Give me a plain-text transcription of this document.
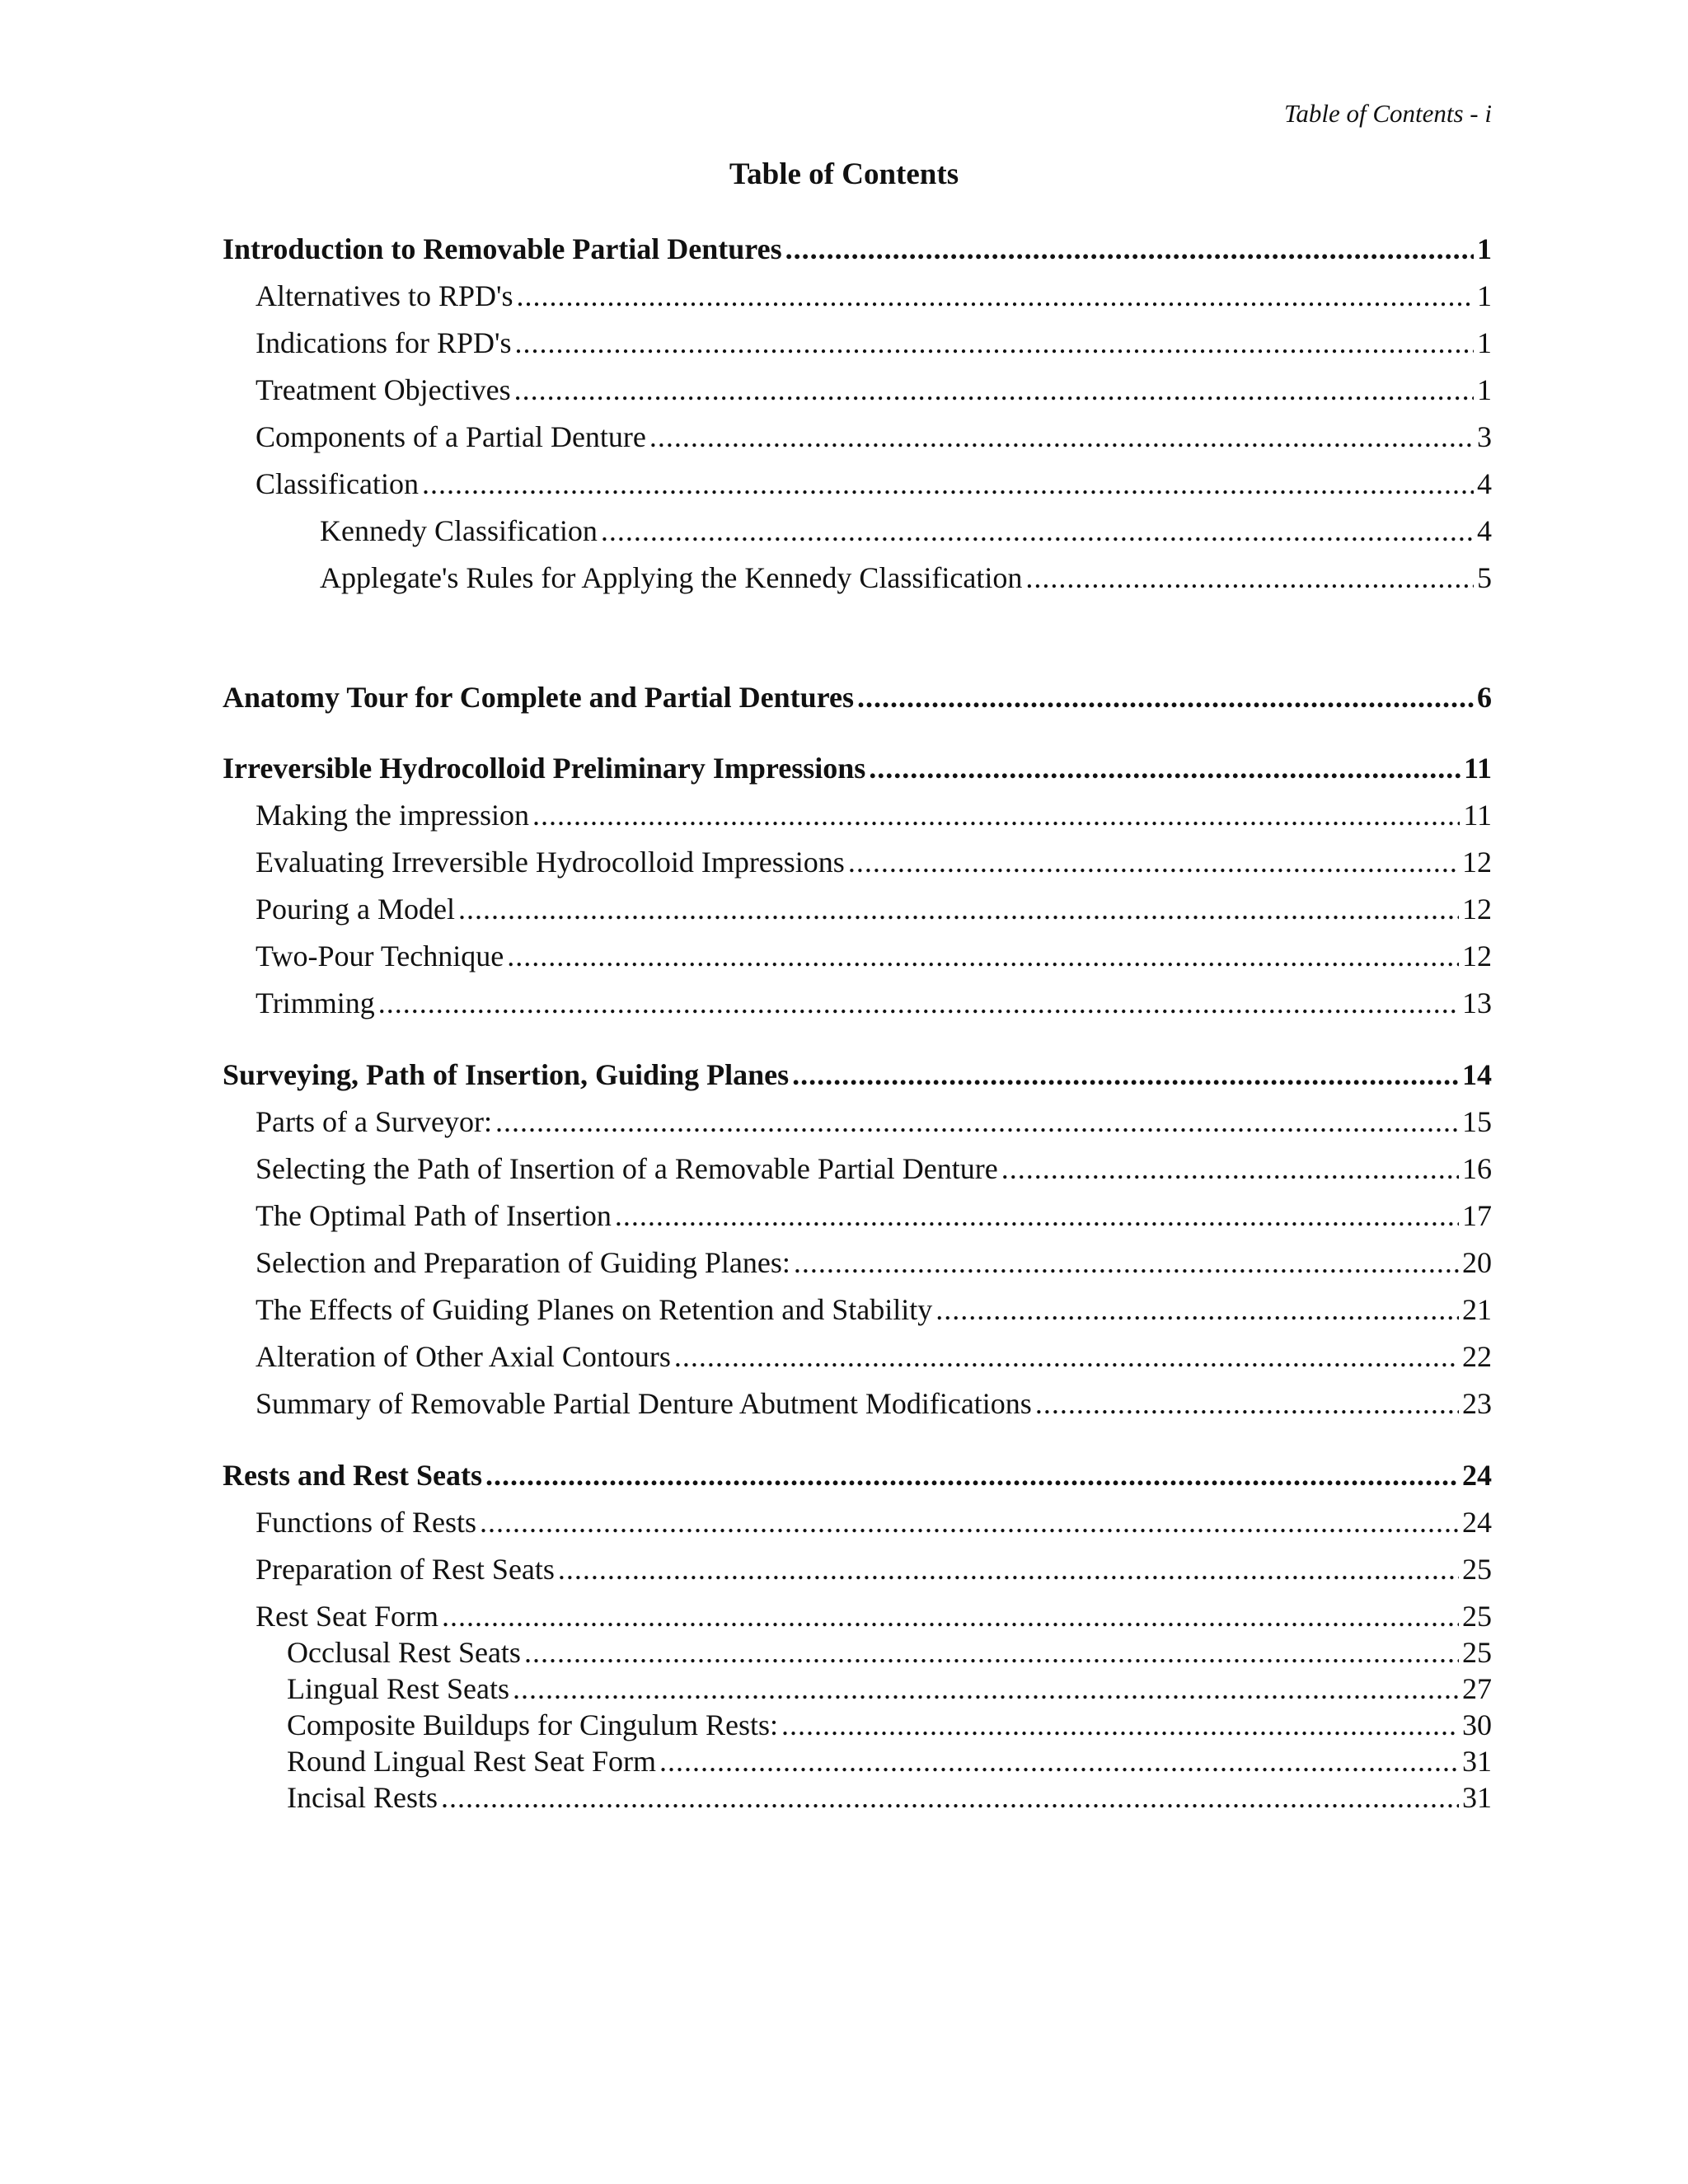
Table of Contents - i
Table of Contents
Introduction to Removable Partial Dentures .....	1
Alternatives to RPD's .....	1
Indications for RPD's .....	1
Treatment Objectives .....	1
Components of a Partial Denture .....	3
Classification .....	4
Kennedy Classification .....	4
Applegate's Rules for Applying the Kennedy Classification .....	5
Anatomy Tour for Complete and Partial Dentures .....	6
Irreversible Hydrocolloid Preliminary Impressions .....	11
Making the impression .....	11
Evaluating Irreversible Hydrocolloid Impressions .....	12
Pouring a Model .....	12
Two-Pour Technique .....	12
Trimming .....	13
Surveying, Path of Insertion, Guiding Planes .....	14
Parts of a Surveyor: .....	15
Selecting the Path of Insertion of a Removable Partial Denture .....	16
The Optimal Path of Insertion .....	17
Selection and Preparation of Guiding Planes: .....	20
The Effects of Guiding Planes on Retention and Stability .....	21
Alteration of Other Axial Contours .....	22
Summary of Removable Partial Denture Abutment Modifications .....	23
Rests and Rest Seats .....	24
Functions of Rests .....	24
Preparation of Rest Seats .....	25
Rest Seat Form .....	25
Occlusal Rest Seats .....	25
Lingual Rest Seats .....	27
Composite Buildups for Cingulum Rests: .....	30
Round Lingual Rest Seat Form .....	31
Incisal Rests .....	31
